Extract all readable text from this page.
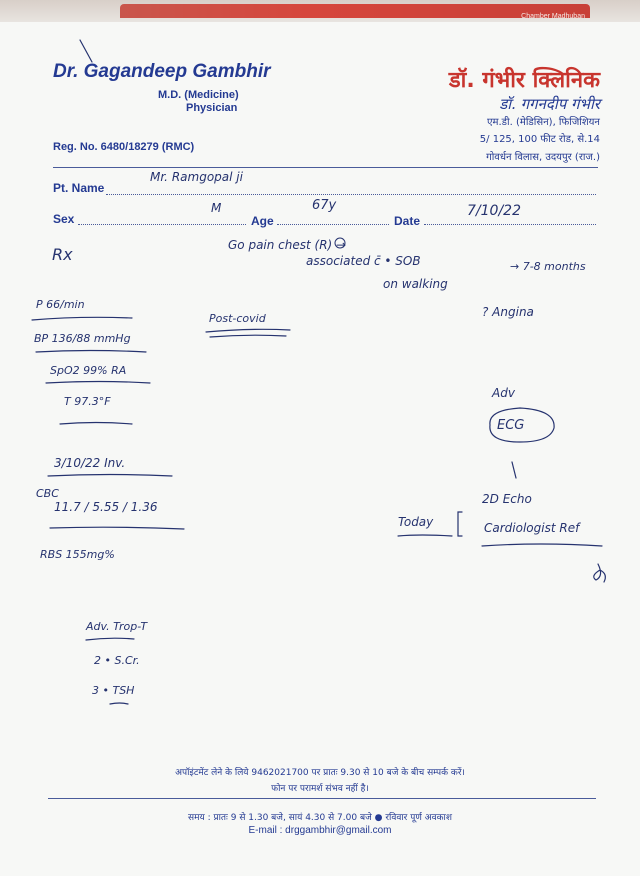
Chamber Madhuban
Dr. Gagandeep Gambhir
M.D. (Medicine)
Physician
Reg. No. 6480/18279 (RMC)
डॉ. गंभीर क्लिनिक
डॉ. गगनदीप गंभीर
एम.डी. (मेडिसिन), फिजिशियन
5/ 125, 100 फीट रोड, से.14
गोवर्धन विलास, उदयपुर (राज.)
Pt. Name
Sex	Age	Date
Mr. Ramgopal ji
M	67y	7/10/22
Rx	Go pain chest (R) →
associated c̄ • SOB
on walking
→ 7-8 months
P 66/min
BP 136/88 mmHg
SpO2 99% RA
T 97.3°F
Post-covid	? Angina
Adv
ECG
3/10/22 Inv.
CBC
11.7 / 5.55 / 1.36
RBS 155mg%
Today
2D Echo
Cardiologist Ref
Adv. Trop-T
2 • S.Cr.
3 • TSH
अपॉइंटमेंट लेने के लिये 9462021700 पर प्रातः 9.30 से 10 बजे के बीच सम्पर्क करें।
फोन पर परामर्श संभव नहीं है।
समय : प्रातः 9 से 1.30 बजे, सायं 4.30 से 7.00 बजे ● रविवार पूर्ण अवकाश
E-mail : drggambhir@gmail.com
